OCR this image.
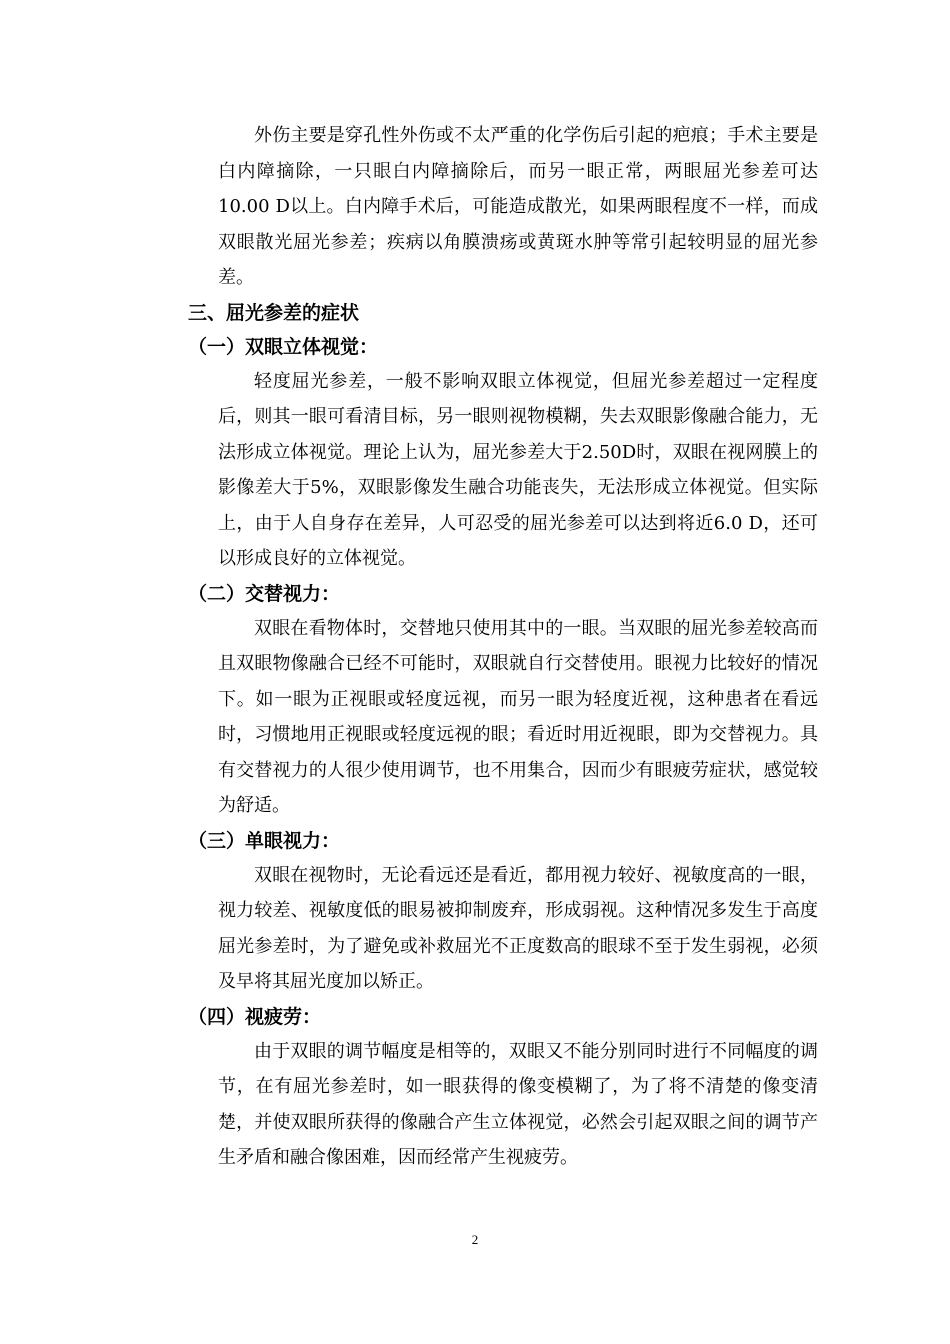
外伤主要是穿孔性外伤或不太严重的化学伤后引起的疤痕；手术主要是白内障摘除，一只眼白内障摘除后，而另一眼正常，两眼屈光参差可达10.00 D以上。白内障手术后，可能造成散光，如果两眼程度不一样，而成双眼散光屈光参差；疾病以角膜溃疡或黄斑水肿等常引起较明显的屈光参差。

三、屈光参差的症状
（一）双眼立体视觉：

轻度屈光参差，一般不影响双眼立体视觉，但屈光参差超过一定程度后，则其一眼可看清目标，另一眼则视物模糊，失去双眼影像融合能力，无法形成立体视觉。理论上认为，屈光参差大于2.50D时，双眼在视网膜上的影像差大于5%，双眼影像发生融合功能丧失，无法形成立体视觉。但实际上，由于人自身存在差异，人可忍受的屈光参差可以达到将近6.0 D，还可以形成良好的立体视觉。

（二）交替视力：

双眼在看物体时，交替地只使用其中的一眼。当双眼的屈光参差较高而且双眼物像融合已经不可能时，双眼就自行交替使用。眼视力比较好的情况下。如一眼为正视眼或轻度远视，而另一眼为轻度近视，这种患者在看远时，习惯地用正视眼或轻度远视的眼；看近时用近视眼，即为交替视力。具有交替视力的人很少使用调节，也不用集合，因而少有眼疲劳症状，感觉较为舒适。

（三）单眼视力：

双眼在视物时，无论看远还是看近，都用视力较好、视敏度高的一眼，视力较差、视敏度低的眼易被抑制废弃，形成弱视。这种情况多发生于高度屈光参差时，为了避免或补救屈光不正度数高的眼球不至于发生弱视，必须及早将其屈光度加以矫正。

（四）视疲劳：

由于双眼的调节幅度是相等的，双眼又不能分别同时进行不同幅度的调节，在有屈光参差时，如一眼获得的像变模糊了，为了将不清楚的像变清楚，并使双眼所获得的像融合产生立体视觉，必然会引起双眼之间的调节产生矛盾和融合像困难，因而经常产生视疲劳。

2
